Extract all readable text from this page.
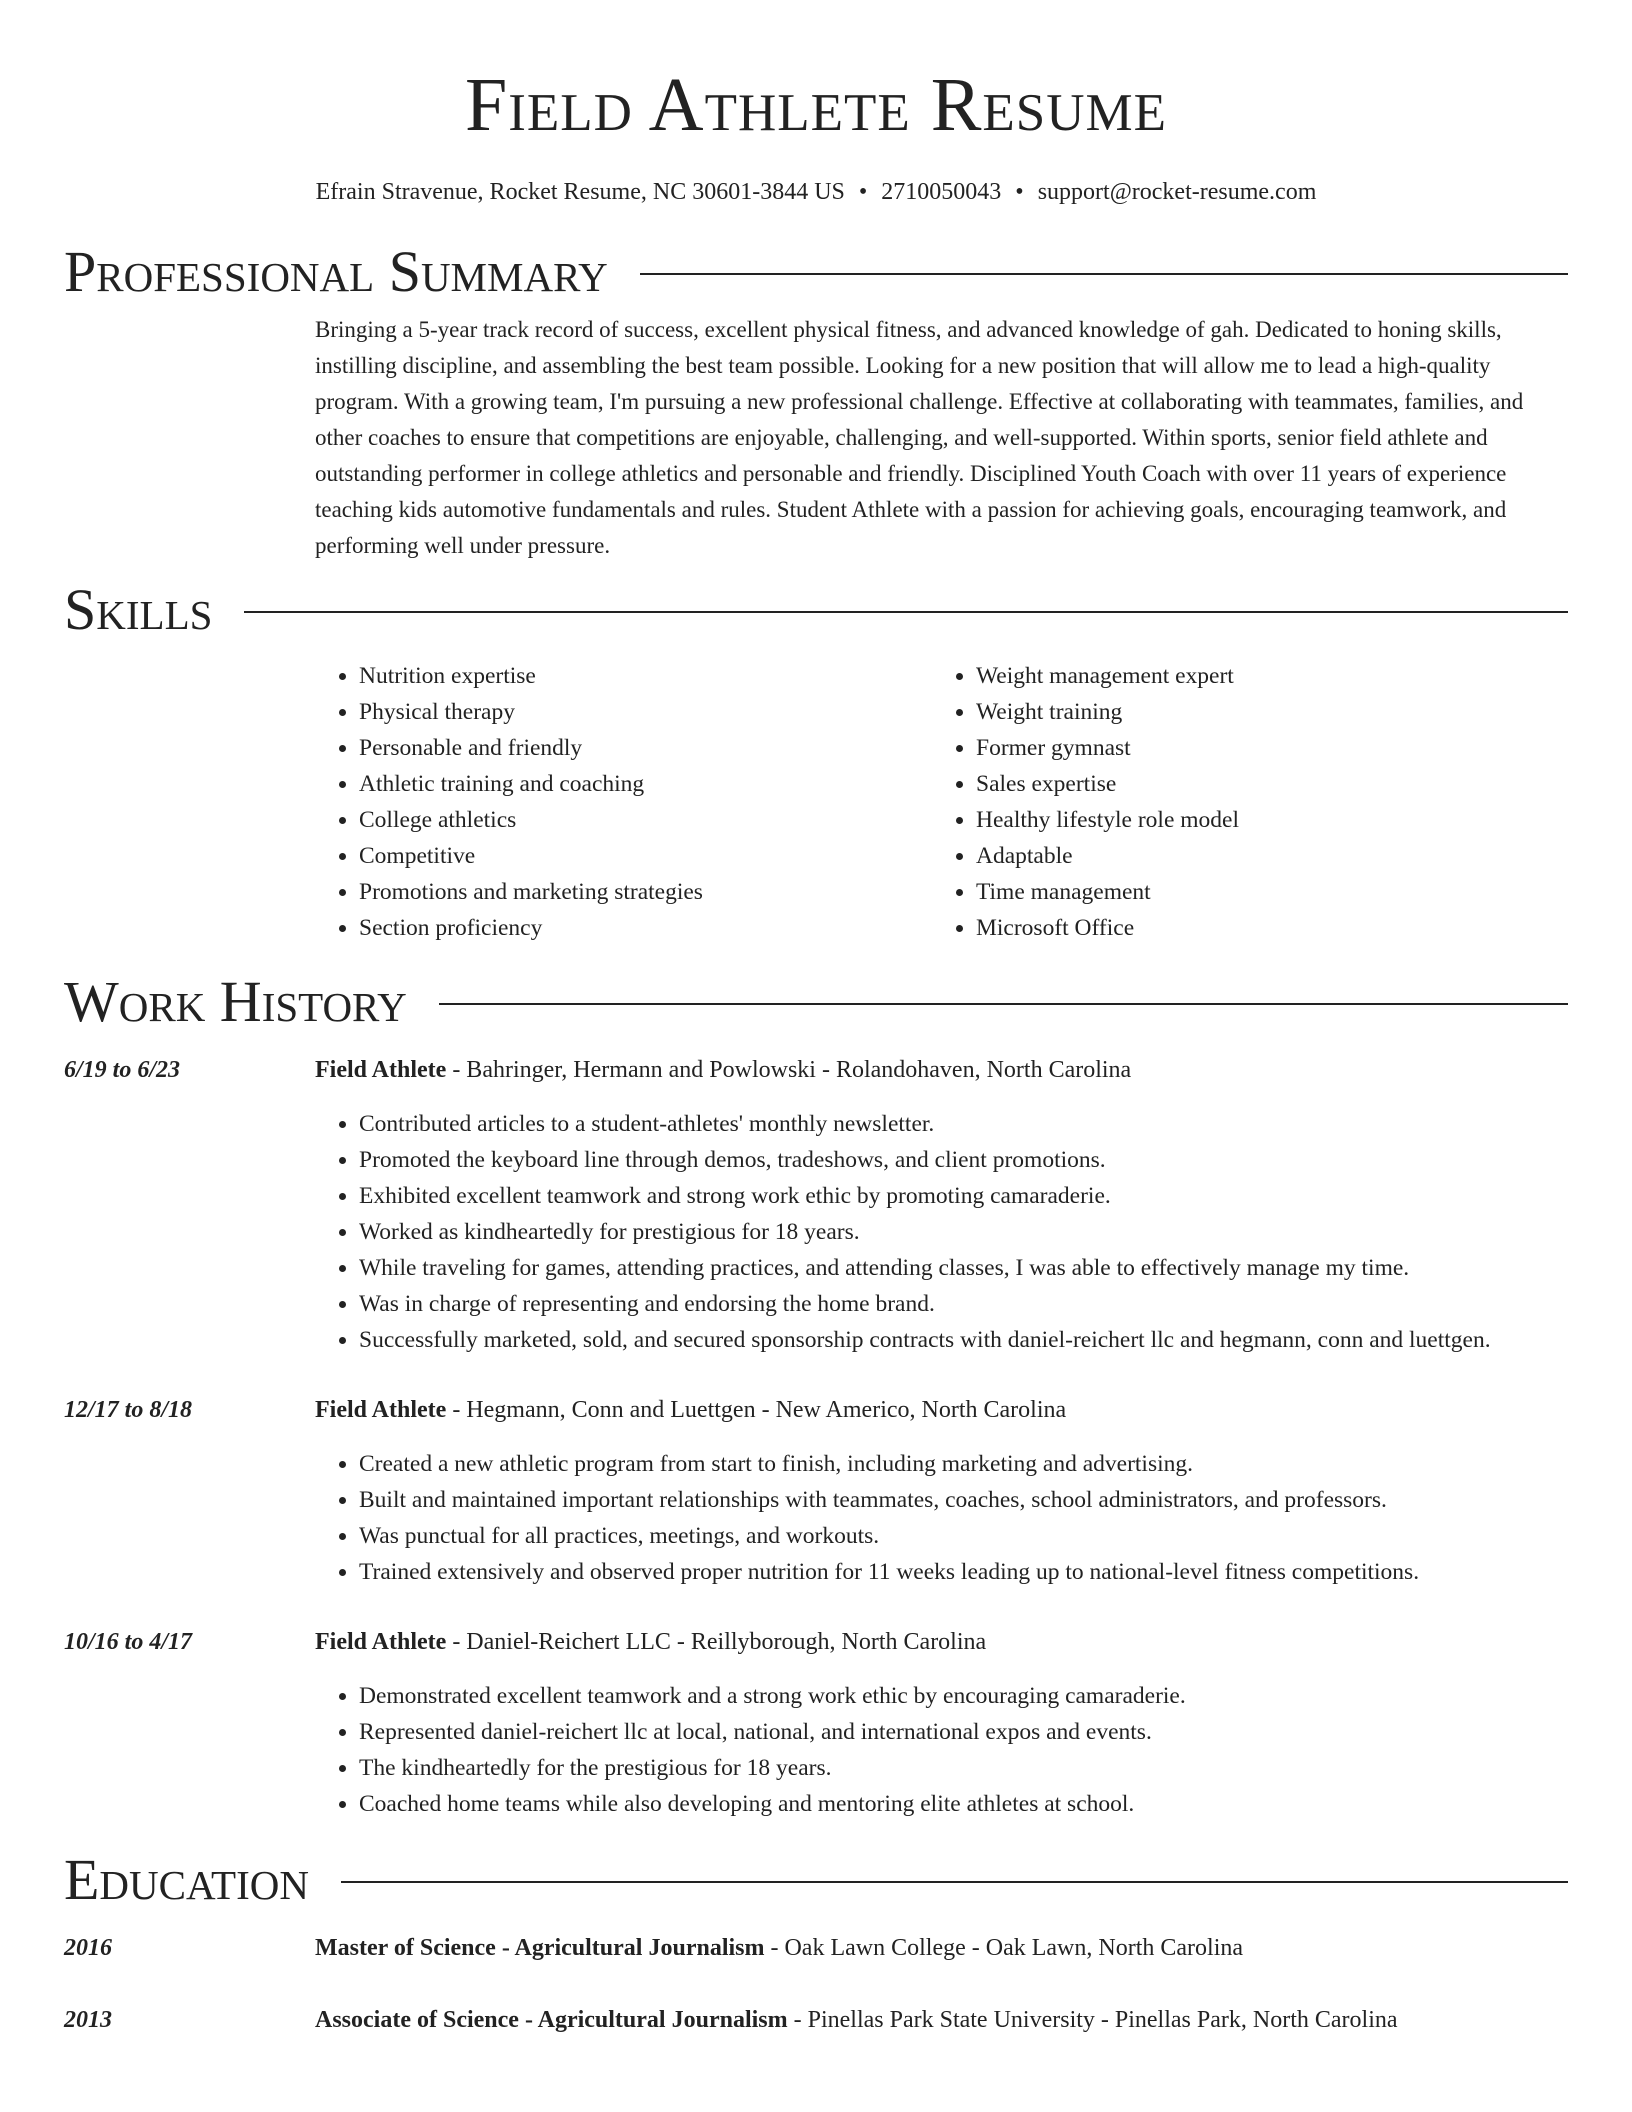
Field Athlete Resume
Efrain Stravenue, Rocket Resume, NC 30601-3844 US • 2710050043 • support@rocket-resume.com
Professional Summary

Bringing a 5-year track record of success, excellent physical fitness, and advanced knowledge of gah. Dedicated to honing skills, instilling discipline, and assembling the best team possible. Looking for a new position that will allow me to lead a high-quality program. With a growing team, I'm pursuing a new professional challenge. Effective at collaborating with teammates, families, and other coaches to ensure that competitions are enjoyable, challenging, and well-supported. Within sports, senior field athlete and outstanding performer in college athletics and personable and friendly. Disciplined Youth Coach with over 11 years of experience teaching kids automotive fundamentals and rules. Student Athlete with a passion for achieving goals, encouraging teamwork, and performing well under pressure.

Skills
• Nutrition expertise
• Physical therapy
• Personable and friendly
• Athletic training and coaching
• College athletics
• Competitive
• Promotions and marketing strategies
• Section proficiency
• Weight management expert
• Weight training
• Former gymnast
• Sales expertise
• Healthy lifestyle role model
• Adaptable
• Time management
• Microsoft Office
Work History
6/19 to 6/23	Field Athlete - Bahringer, Hermann and Powlowski - Rolandohaven, North Carolina
• Contributed articles to a student-athletes' monthly newsletter.
• Promoted the keyboard line through demos, tradeshows, and client promotions.
• Exhibited excellent teamwork and strong work ethic by promoting camaraderie.
• Worked as kindheartedly for prestigious for 18 years.
• While traveling for games, attending practices, and attending classes, I was able to effectively manage my time.
• Was in charge of representing and endorsing the home brand.
• Successfully marketed, sold, and secured sponsorship contracts with daniel-reichert llc and hegmann, conn and luettgen.
12/17 to 8/18	Field Athlete - Hegmann, Conn and Luettgen - New Americo, North Carolina
• Created a new athletic program from start to finish, including marketing and advertising.
• Built and maintained important relationships with teammates, coaches, school administrators, and professors.
• Was punctual for all practices, meetings, and workouts.
• Trained extensively and observed proper nutrition for 11 weeks leading up to national-level fitness competitions.
10/16 to 4/17	Field Athlete - Daniel-Reichert LLC - Reillyborough, North Carolina
• Demonstrated excellent teamwork and a strong work ethic by encouraging camaraderie.
• Represented daniel-reichert llc at local, national, and international expos and events.
• The kindheartedly for the prestigious for 18 years.
• Coached home teams while also developing and mentoring elite athletes at school.
Education
2016	Master of Science - Agricultural Journalism - Oak Lawn College - Oak Lawn, North Carolina
2013	Associate of Science - Agricultural Journalism - Pinellas Park State University - Pinellas Park, North Carolina
